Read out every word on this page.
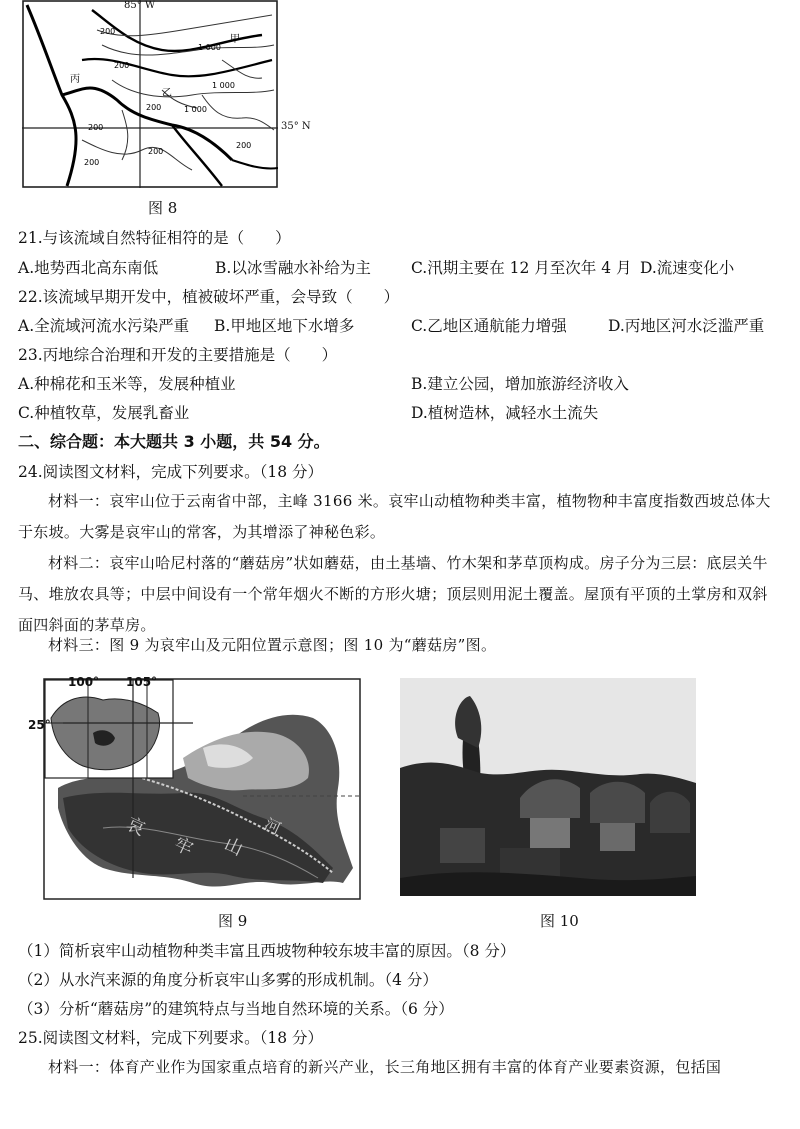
200
200
1 000
1 000
1 000
200
200
200
200
200
甲
乙
丙
85° W
35° N
图 8
21.与该流域自然特征相符的是（　　）
A.地势西北高东南低	B.以冰雪融水补给为主	C.汛期主要在 12 月至次年 4 月 D.流速变化小
22.该流域早期开发中，植被破坏严重，会导致（　　）
A.全流域河流水污染严重 B.甲地区地下水增多	C.乙地区通航能力增强	D.丙地区河水泛滥严重
23.丙地综合治理和开发的主要措施是（　　）
A.种棉花和玉米等，发展种植业	B.建立公园，增加旅游经济收入
C.种植牧草，发展乳畜业	D.植树造林，减轻水土流失
二、综合题：本大题共 3 小题，共 54 分。
24.阅读图文材料，完成下列要求。（18 分）
材料一：哀牢山位于云南省中部，主峰 3166 米。哀牢山动植物种类丰富，植物物种丰富度指数西坡总体大于东坡。大雾是哀牢山的常客，为其增添了神秘色彩。
材料二：哀牢山哈尼村落的“蘑菇房”状如蘑菇，由土基墙、竹木架和茅草顶构成。房子分为三层：底层关牛马、堆放农具等；中层中间设有一个常年烟火不断的方形火塘；顶层则用泥土覆盖。屋顶有平顶的土掌房和双斜面四斜面的茅草房。
材料三：图 9 为哀牢山及元阳位置示意图；图 10 为“蘑菇房”图。
哀
牢 山
河
100° 105°
25°
图 9	图 10
（1）简析哀牢山动植物种类丰富且西坡物种较东坡丰富的原因。（8 分）
（2）从水汽来源的角度分析哀牢山多雾的形成机制。（4 分）
（3）分析“蘑菇房”的建筑特点与当地自然环境的关系。（6 分）
25.阅读图文材料，完成下列要求。（18 分）
材料一：体育产业作为国家重点培育的新兴产业，长三角地区拥有丰富的体育产业要素资源，包括国
